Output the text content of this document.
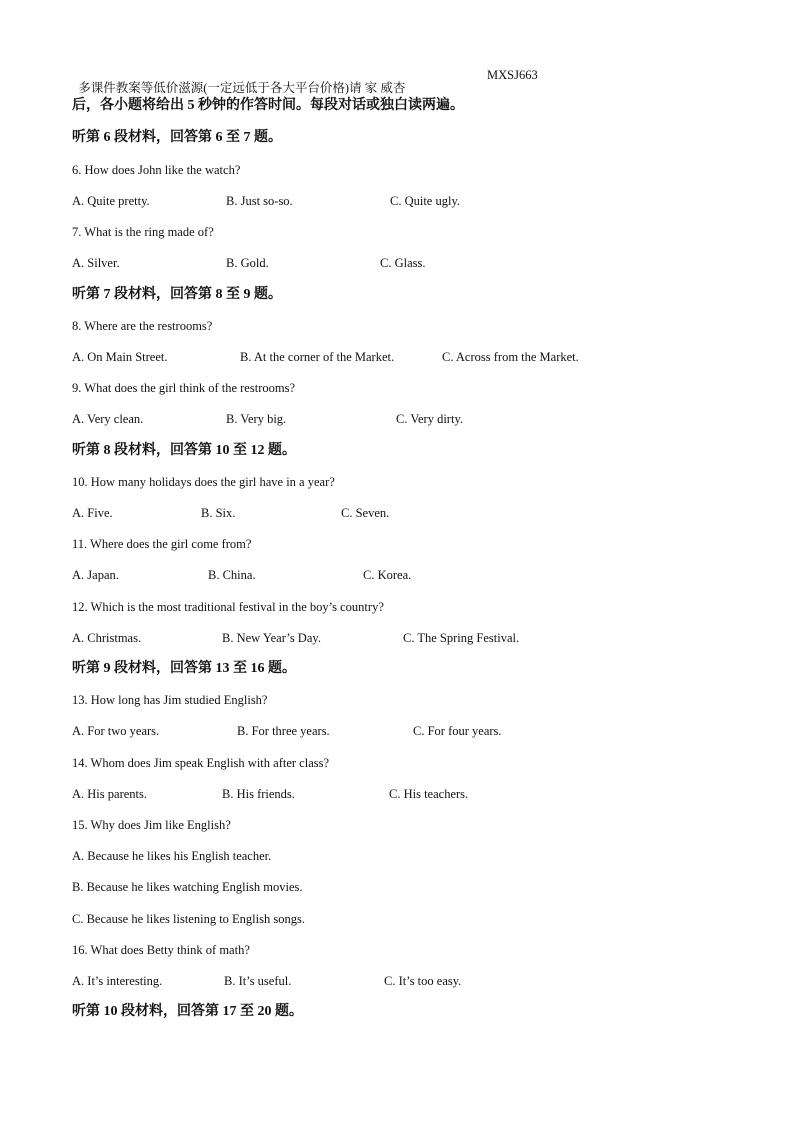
多课件教案等低价滋源(一定远低于各大平台价格)请 家 威杏

MXSJ663

后，各小题将给出 5 秒钟的作答时间。每段对话或独白读两遍。
听第 6 段材料，回答第 6 至 7 题。
6. How does John like the watch?
A. Quite pretty.	B. Just so-so.	C. Quite ugly.
7. What is the ring made of?
A. Silver.	B. Gold.	C. Glass.
听第 7 段材料，回答第 8 至 9 题。
8. Where are the restrooms?
A. On Main Street.	B. At the corner of the Market.	C. Across from the Market.
9. What does the girl think of the restrooms?
A. Very clean.	B. Very big.	C. Very dirty.
听第 8 段材料，回答第 10 至 12 题。
10. How many holidays does the girl have in a year?
A. Five.	B. Six.	C. Seven.
11. Where does the girl come from?
A. Japan.	B. China.	C. Korea.
12. Which is the most traditional festival in the boy’s country?
A. Christmas.	B. New Year’s Day.	C. The Spring Festival.
听第 9 段材料，回答第 13 至 16 题。
13. How long has Jim studied English?
A. For two years.	B. For three years.	C. For four years.
14. Whom does Jim speak English with after class?
A. His parents.	B. His friends.	C. His teachers.
15. Why does Jim like English?
A. Because he likes his English teacher.
B. Because he likes watching English movies.
C. Because he likes listening to English songs.
16. What does Betty think of math?
A. It’s interesting.	B. It’s useful.	C. It’s too easy.
听第 10 段材料，回答第 17 至 20 题。
